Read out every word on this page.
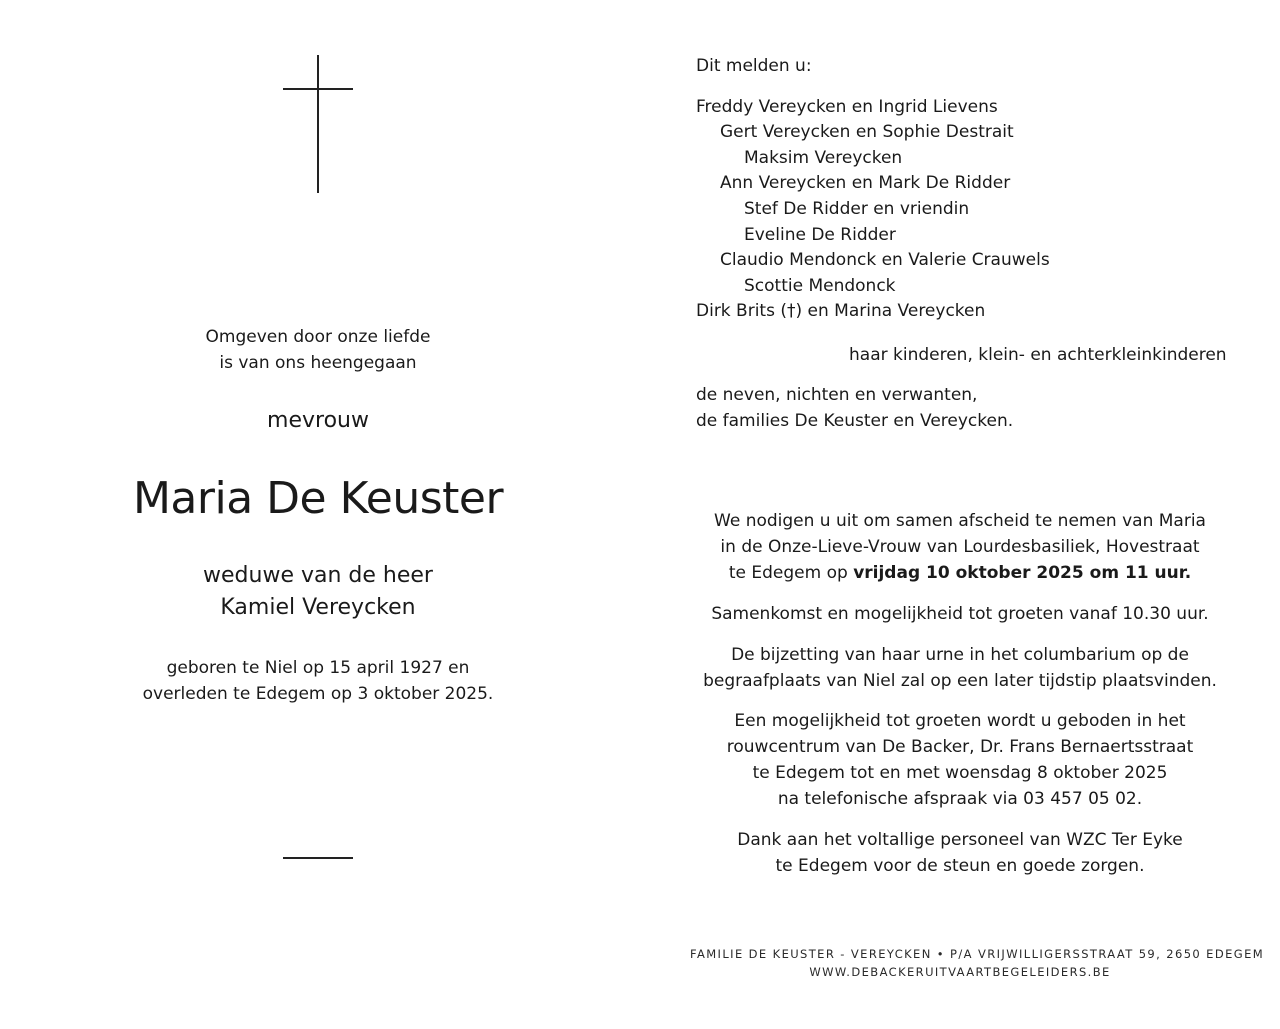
Omgeven door onze liefde
is van ons heengegaan
mevrouw
Maria De Keuster
weduwe van de heer
Kamiel Vereycken
geboren te Niel op 15 april 1927 en
overleden te Edegem op 3 oktober 2025.
Dit melden u:
Freddy Vereycken en Ingrid Lievens
Gert Vereycken en Sophie Destrait
Maksim Vereycken
Ann Vereycken en Mark De Ridder
Stef De Ridder en vriendin
Eveline De Ridder
Claudio Mendonck en Valerie Crauwels
Scottie Mendonck
Dirk Brits (†) en Marina Vereycken
haar kinderen, klein- en achterkleinkinderen
de neven, nichten en verwanten,
de families De Keuster en Vereycken.
We nodigen u uit om samen afscheid te nemen van Maria
in de Onze-Lieve-Vrouw van Lourdesbasiliek, Hovestraat
te Edegem op vrijdag 10 oktober 2025 om 11 uur.
Samenkomst en mogelijkheid tot groeten vanaf 10.30 uur.
De bijzetting van haar urne in het columbarium op de
begraafplaats van Niel zal op een later tijdstip plaatsvinden.
Een mogelijkheid tot groeten wordt u geboden in het
rouwcentrum van De Backer, Dr. Frans Bernaertsstraat
te Edegem tot en met woensdag 8 oktober 2025
na telefonische afspraak via 03 457 05 02.
Dank aan het voltallige personeel van WZC Ter Eyke
te Edegem voor de steun en goede zorgen.
FAMILIE DE KEUSTER - VEREYCKEN • P/A VRIJWILLIGERSSTRAAT 59, 2650 EDEGEM
WWW.DEBACKERUITVAARTBEGELEIDERS.BE
